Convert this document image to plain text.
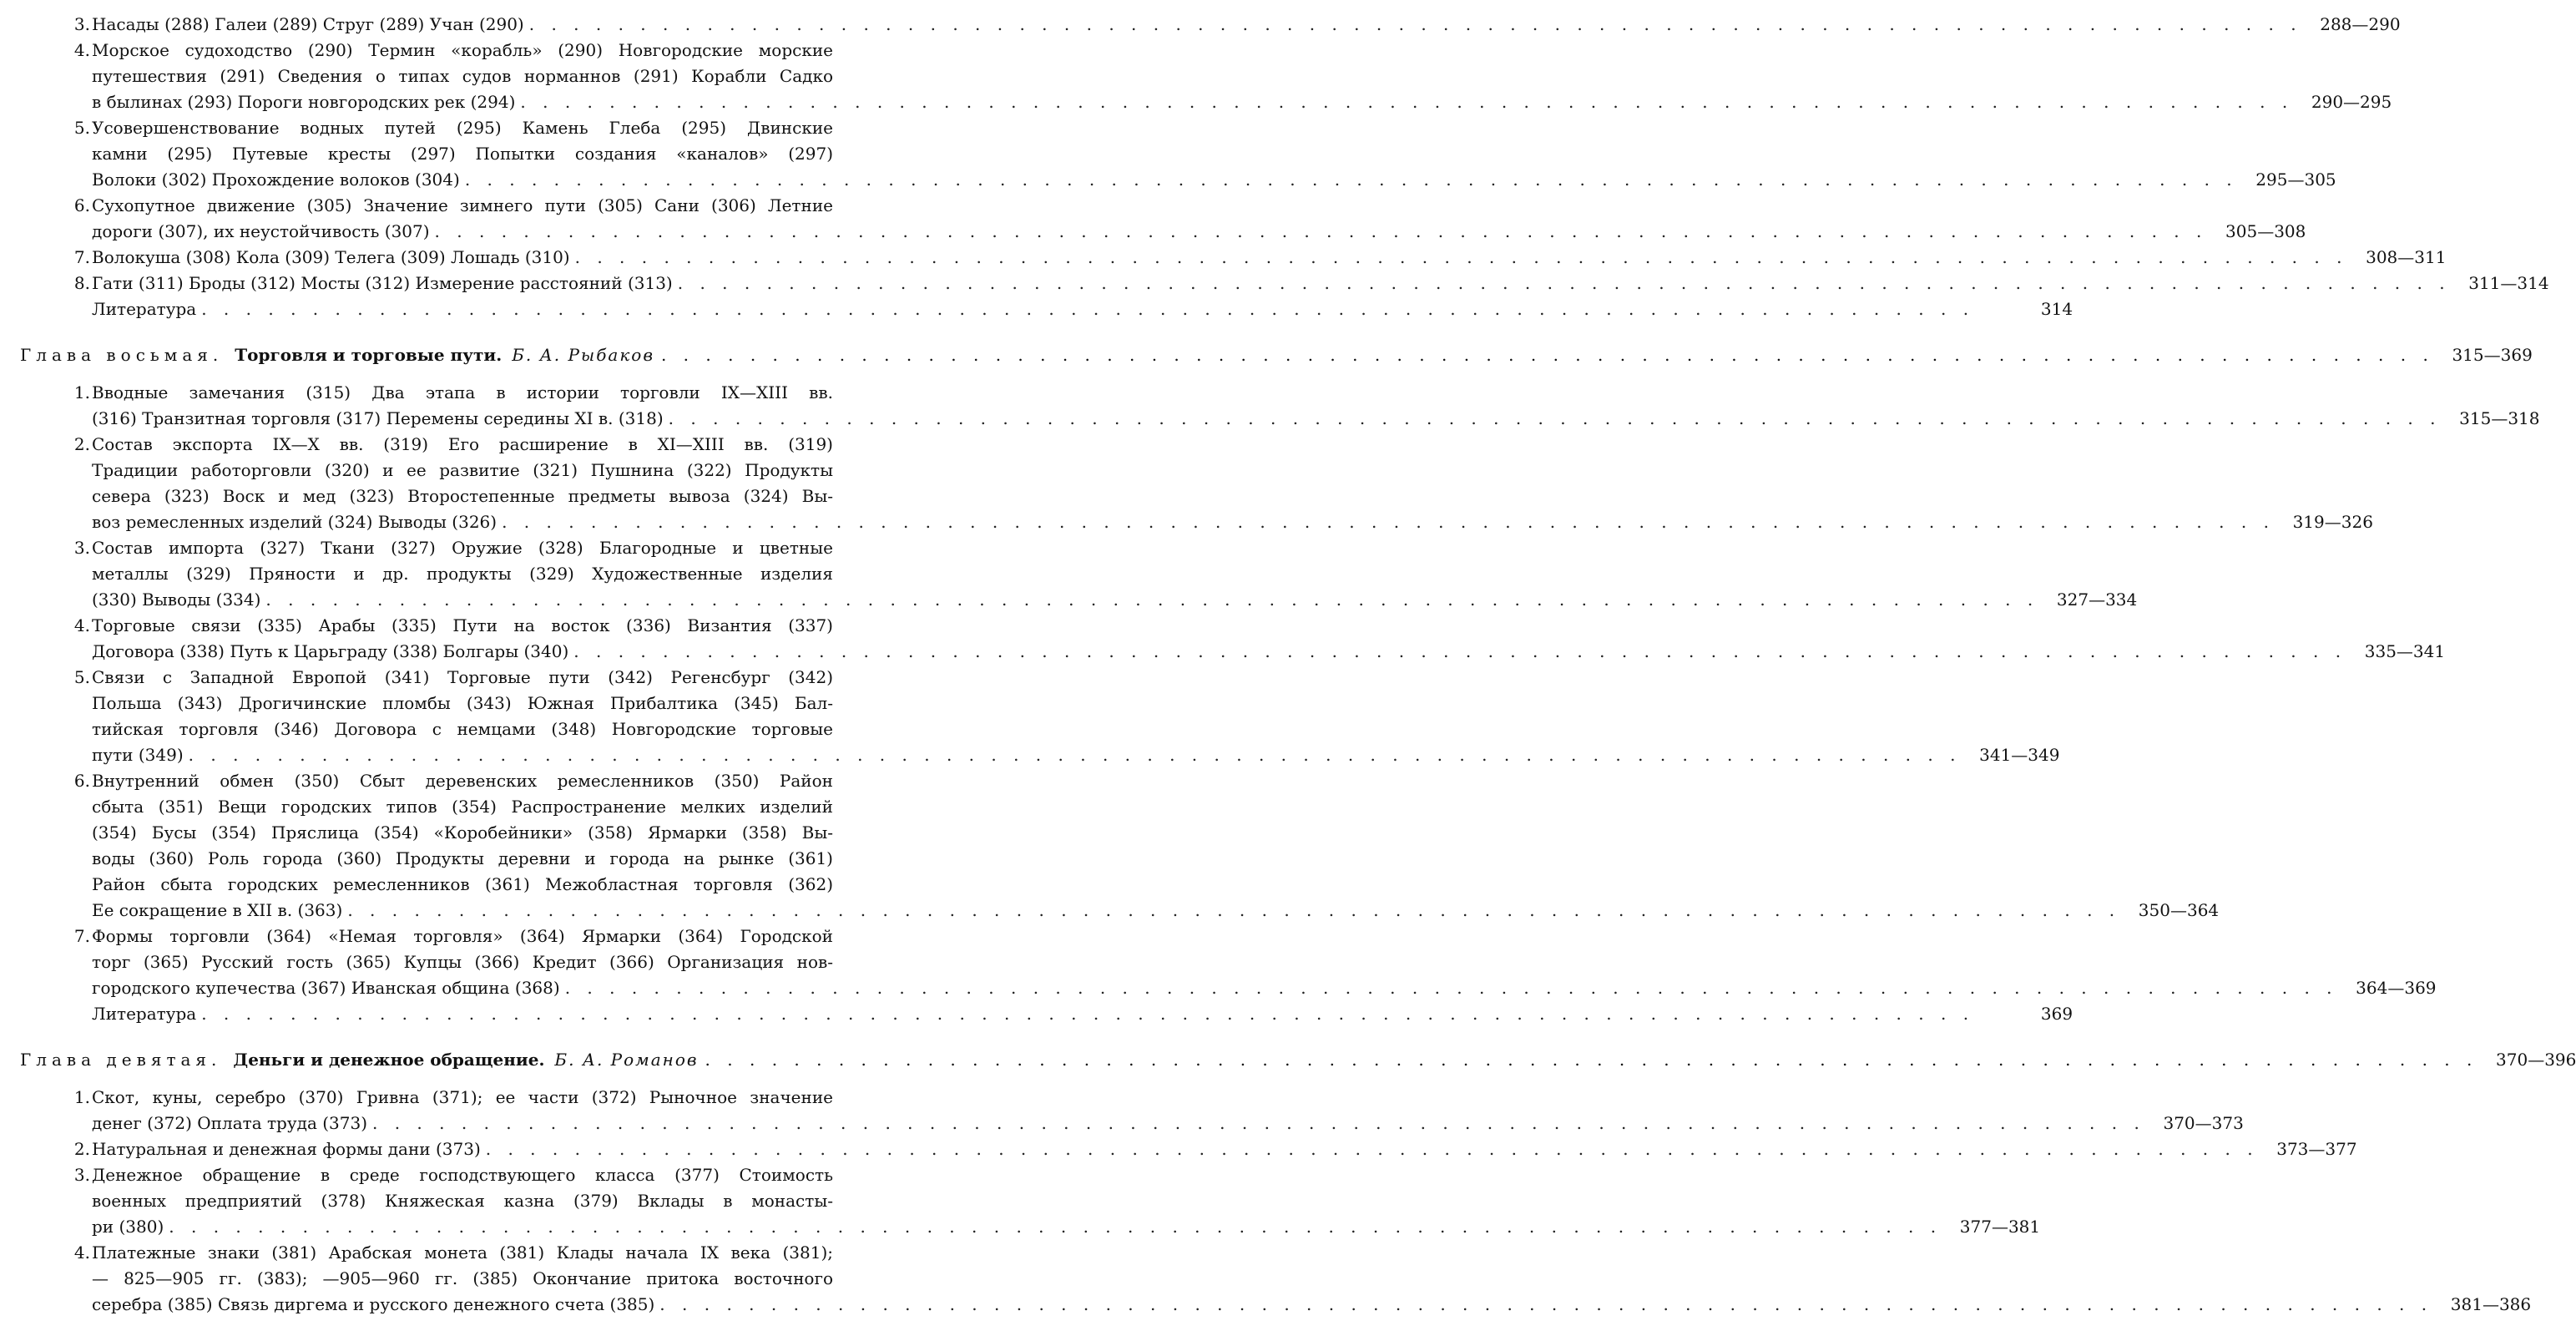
3. Насады (288) Галеи (289) Струг (289) Учан (290) . . . . . . . . . . . . . . . . . . . . . . . . . . . . . . . . . . . . . . . . . . . . . . . . . . . . . . . . . . . . . . . . . . . . . . . . . . . . . . . .	288—290
4. Морское судоходство (290) Термин «корабль» (290) Новгородские морские
путешествия (291) Сведения о типах судов норманнов (291) Корабли Садко
в былинах (293) Пороги новгородских рек (294) . . . . . . . . . . . . . . . . . . . . . . . . . . . . . . . . . . . . . . . . . . . . . . . . . . . . . . . . . . . . . . . . . . . . . . . . . . . . . . . .	290—295
5. Усовершенствование водных путей (295) Камень Глеба (295) Двинские
камни (295) Путевые кресты (297) Попытки создания «каналов» (297)
Волоки (302) Прохождение волоков (304) . . . . . . . . . . . . . . . . . . . . . . . . . . . . . . . . . . . . . . . . . . . . . . . . . . . . . . . . . . . . . . . . . . . . . . . . . . . . . . . .	295—305
6. Сухопутное движение (305) Значение зимнего пути (305) Сани (306) Летние
дороги (307), их неустойчивость (307) . . . . . . . . . . . . . . . . . . . . . . . . . . . . . . . . . . . . . . . . . . . . . . . . . . . . . . . . . . . . . . . . . . . . . . . . . . . . . . . .	305—308
7. Волокуша (308) Кола (309) Телега (309) Лошадь (310) . . . . . . . . . . . . . . . . . . . . . . . . . . . . . . . . . . . . . . . . . . . . . . . . . . . . . . . . . . . . . . . . . . . . . . . . . . . . . . . .	308—311
8. Гати (311) Броды (312) Мосты (312) Измерение расстояний (313) . . . . . . . . . . . . . . . . . . . . . . . . . . . . . . . . . . . . . . . . . . . . . . . . . . . . . . . . . . . . . . . . . . . . . . . . . . . . . . . .	311—314
Литература . . . . . . . . . . . . . . . . . . . . . . . . . . . . . . . . . . . . . . . . . . . . . . . . . . . . . . . . . . . . . . . . . . . . . . . . . . . . . . . .	314
Глава восьмая. Торговля и торговые пути. Б. А. Рыбаков . . . . . . . . . . . . . . . . . . . . . . . . . . . . . . . . . . . . . . . . . . . . . . . . . . . . . . . . . . . . . . . . . . . . . . . . . . . . . . . .	315—369
1. Вводные замечания (315) Два этапа в истории торговли IX—XIII вв.
(316) Транзитная торговля (317) Перемены середины XI в. (318) . . . . . . . . . . . . . . . . . . . . . . . . . . . . . . . . . . . . . . . . . . . . . . . . . . . . . . . . . . . . . . . . . . . . . . . . . . . . . . . .	315—318
2. Состав экспорта IX—X вв. (319) Его расширение в XI—XIII вв. (319)
Традиции работорговли (320) и ее развитие (321) Пушнина (322) Продукты
севера (323) Воск и мед (323) Второстепенные предметы вывоза (324) Вы-
воз ремесленных изделий (324) Выводы (326) . . . . . . . . . . . . . . . . . . . . . . . . . . . . . . . . . . . . . . . . . . . . . . . . . . . . . . . . . . . . . . . . . . . . . . . . . . . . . . . .	319—326
3. Состав импорта (327) Ткани (327) Оружие (328) Благородные и цветные
металлы (329) Пряности и др. продукты (329) Художественные изделия
(330) Выводы (334) . . . . . . . . . . . . . . . . . . . . . . . . . . . . . . . . . . . . . . . . . . . . . . . . . . . . . . . . . . . . . . . . . . . . . . . . . . . . . . . .	327—334
4. Торговые связи (335) Арабы (335) Пути на восток (336) Византия (337)
Договора (338) Путь к Царьграду (338) Болгары (340) . . . . . . . . . . . . . . . . . . . . . . . . . . . . . . . . . . . . . . . . . . . . . . . . . . . . . . . . . . . . . . . . . . . . . . . . . . . . . . . .	335—341
5. Связи с Западной Европой (341) Торговые пути (342) Регенсбург (342)
Польша (343) Дрогичинские пломбы (343) Южная Прибалтика (345) Бал-
тийская торговля (346) Договора с немцами (348) Новгородские торговые
пути (349) . . . . . . . . . . . . . . . . . . . . . . . . . . . . . . . . . . . . . . . . . . . . . . . . . . . . . . . . . . . . . . . . . . . . . . . . . . . . . . . .	341—349
6. Внутренний обмен (350) Сбыт деревенских ремесленников (350) Район
сбыта (351) Вещи городских типов (354) Распространение мелких изделий
(354) Бусы (354) Пряслица (354) «Коробейники» (358) Ярмарки (358) Вы-
воды (360) Роль города (360) Продукты деревни и города на рынке (361)
Район сбыта городских ремесленников (361) Межобластная торговля (362)
Ее сокращение в XII в. (363) . . . . . . . . . . . . . . . . . . . . . . . . . . . . . . . . . . . . . . . . . . . . . . . . . . . . . . . . . . . . . . . . . . . . . . . . . . . . . . . .	350—364
7. Формы торговли (364) «Немая торговля» (364) Ярмарки (364) Городской
торг (365) Русский гость (365) Купцы (366) Кредит (366) Организация нов-
городского купечества (367) Иванская община (368) . . . . . . . . . . . . . . . . . . . . . . . . . . . . . . . . . . . . . . . . . . . . . . . . . . . . . . . . . . . . . . . . . . . . . . . . . . . . . . . .	364—369
Литература . . . . . . . . . . . . . . . . . . . . . . . . . . . . . . . . . . . . . . . . . . . . . . . . . . . . . . . . . . . . . . . . . . . . . . . . . . . . . . . .	369
Глава девятая. Деньги и денежное обращение. Б. А. Романов . . . . . . . . . . . . . . . . . . . . . . . . . . . . . . . . . . . . . . . . . . . . . . . . . . . . . . . . . . . . . . . . . . . . . . . . . . . . . . . .	370—396
1. Скот, куны, серебро (370) Гривна (371); ее части (372) Рыночное значение
денег (372) Оплата труда (373) . . . . . . . . . . . . . . . . . . . . . . . . . . . . . . . . . . . . . . . . . . . . . . . . . . . . . . . . . . . . . . . . . . . . . . . . . . . . . . . .	370—373
2. Натуральная и денежная формы дани (373) . . . . . . . . . . . . . . . . . . . . . . . . . . . . . . . . . . . . . . . . . . . . . . . . . . . . . . . . . . . . . . . . . . . . . . . . . . . . . . . .	373—377
3. Денежное обращение в среде господствующего класса (377) Стоимость
военных предприятий (378) Княжеская казна (379) Вклады в монасты-
ри (380) . . . . . . . . . . . . . . . . . . . . . . . . . . . . . . . . . . . . . . . . . . . . . . . . . . . . . . . . . . . . . . . . . . . . . . . . . . . . . . . .	377—381
4. Платежные знаки (381) Арабская монета (381) Клады начала IX века (381);
— 825—905 гг. (383); —905—960 гг. (385) Окончание притока восточного
серебра (385) Связь диргема и русского денежного счета (385) . . . . . . . . . . . . . . . . . . . . . . . . . . . . . . . . . . . . . . . . . . . . . . . . . . . . . . . . . . . . . . . . . . . . . . . . . . . . . . . .	381—386
